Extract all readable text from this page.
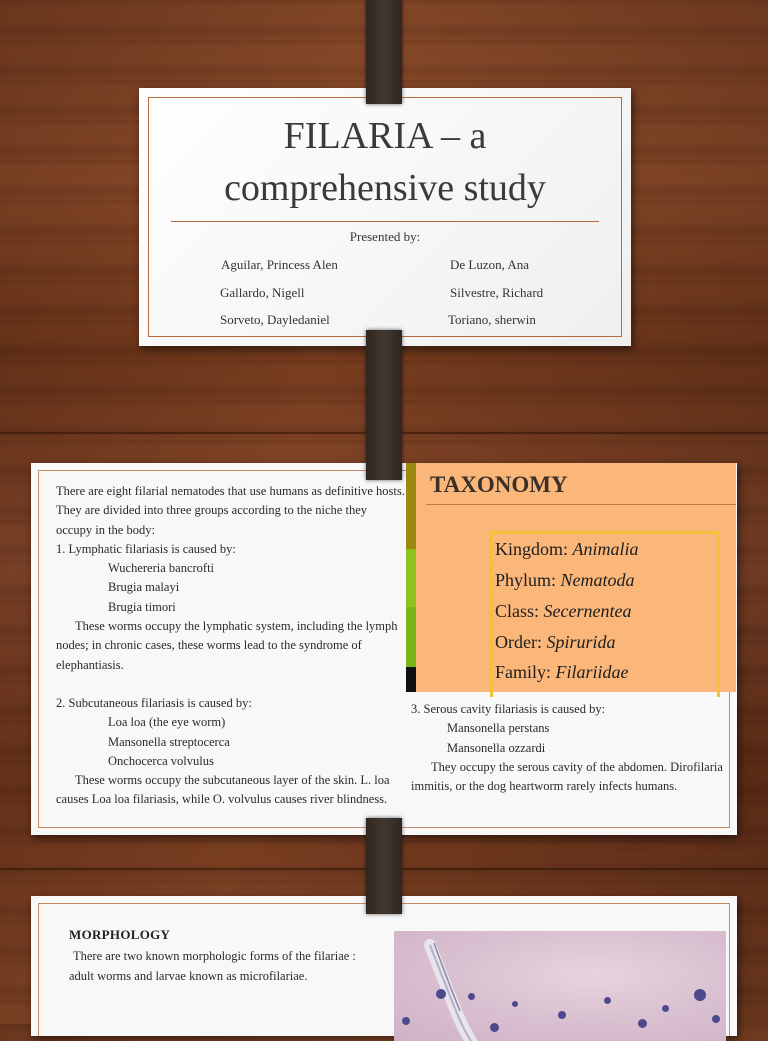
FILARIA – a
comprehensive study
Presented by:
Aguilar, Princess Alen	De Luzon, Ana
Gallardo, Nigell	Silvestre, Richard
Sorveto, Dayledaniel	Toriano, sherwin

There are eight filarial nematodes that use humans as definitive hosts. They are divided into three groups according to the niche they occupy in the body:

1. Lymphatic filariasis is caused by:

Wuchereria bancrofti

Brugia malayi

Brugia timori

These worms occupy the lymphatic system, including the lymph nodes; in chronic cases, these worms lead to the syndrome of elephantiasis.

2. Subcutaneous filariasis is caused by:

Loa loa (the eye worm)

Mansonella streptocerca

Onchocerca volvulus

These worms occupy the subcutaneous layer of the skin. L. loa causes Loa loa filariasis, while O. volvulus causes river blindness.

TAXONOMY
Kingdom: Animalia
Phylum: Nematoda
Class: Secernentea
Order: Spirurida
Family: Filariidae

3. Serous cavity filariasis is caused by:

Mansonella perstans

Mansonella ozzardi

They occupy the serous cavity of the abdomen. Dirofilaria immitis, or the dog heartworm rarely infects humans.

MORPHOLOGY
There are two known morphologic forms of the filariae : adult worms and larvae known as microfilariae.
